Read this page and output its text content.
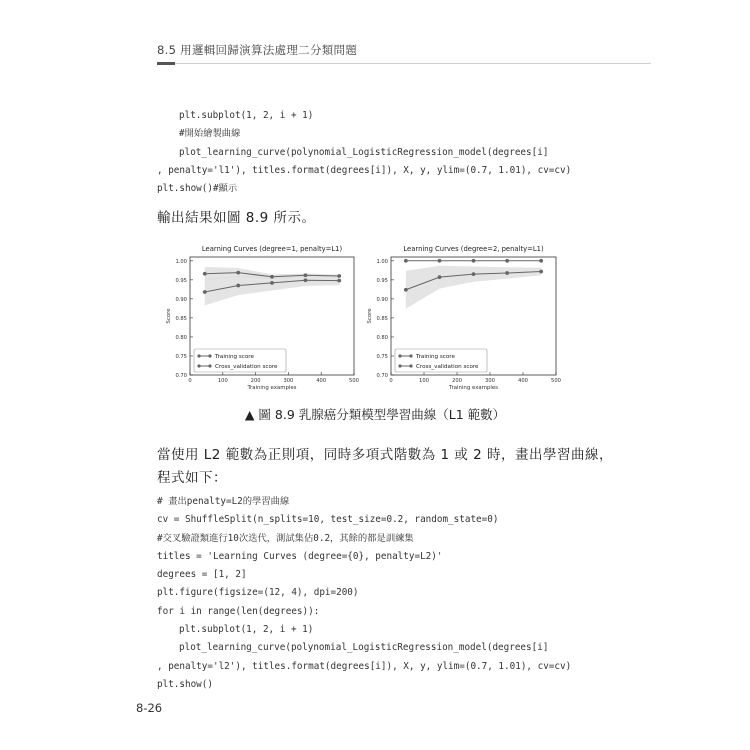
8.5 用邏輯回歸演算法處理二分類問題
plt.subplot(1, 2, i + 1)
#開始繪製曲線
plot_learning_curve(polynomial_LogisticRegression_model(degrees[i]
, penalty='l1'), titles.format(degrees[i]), X, y, ylim=(0.7, 1.01), cv=cv)
plt.show()#顯示
輸出結果如圖 8.9 所示。
Learning Curves (degree=1, penalty=L1)
0.70
0.75
0.80
0.85
0.90
0.95
1.00
0	100	200	300	400	500
Training examples
Score
Training score
Cross_validation score
Learning Curves (degree=2, penalty=L1)
0.70
0.75
0.80
0.85
0.90
0.95
1.00
0	100	200	300	400	500
Training examples
Score
Training score
Cross_validation score
▲ 圖 8.9 乳腺癌分類模型學習曲線（L1 範數）
當使用 L2 範數為正則項，同時多項式階數為 1 或 2 時，畫出學習曲線，
程式如下：
# 畫出penalty=L2的學習曲線
cv = ShuffleSplit(n_splits=10, test_size=0.2, random_state=0)
#交叉驗證類進行10次迭代，測試集佔0.2，其餘的都是訓練集
titles = 'Learning Curves (degree={0}, penalty=L2)'
degrees = [1, 2]
plt.figure(figsize=(12, 4), dpi=200)
for i in range(len(degrees)):
plt.subplot(1, 2, i + 1)
plot_learning_curve(polynomial_LogisticRegression_model(degrees[i]
, penalty='l2'), titles.format(degrees[i]), X, y, ylim=(0.7, 1.01), cv=cv)
plt.show()
8-26
